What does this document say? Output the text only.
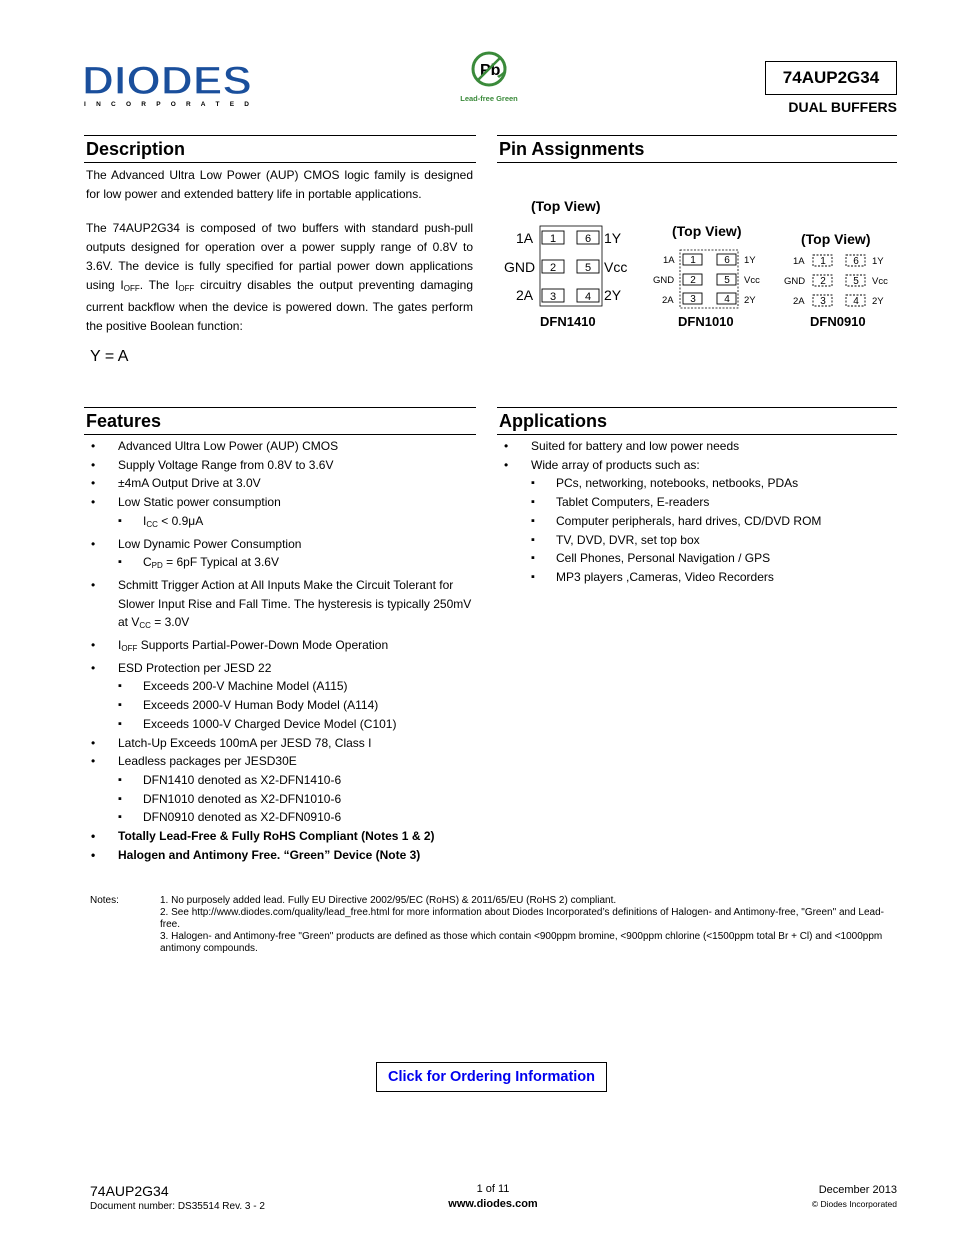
DIODES
I N C O R P O R A T E D
Pb
Lead-free Green
74AUP2G34
DUAL BUFFERS
Description

The Advanced Ultra Low Power (AUP) CMOS logic family is designed for low power and extended battery life in portable applications.

The 74AUP2G34 is composed of two buffers with standard push-pull outputs designed for operation over a power supply range of 0.8V to 3.6V. The device is fully specified for partial power down applications using $I_{OFF}$. The $I_{OFF}$ circuitry disables the output preventing damaging current backflow when the device is powered down. The gates perform the positive Boolean function:

Y = A
Pin Assignments
(Top View)
1A
GND
2A
1Y
Vcc
2Y
1	6
2	5
3	4
DFN1410
(Top View)
1A
GND
2A
1Y
Vcc
2Y
1	6
2	5
3	4
DFN1010
(Top View)
1A
GND
2A
1Y
Vcc
2Y
1	6
2	5
3	4
DFN0910
Features
• Advanced Ultra Low Power (AUP) CMOS
• Supply Voltage Range from 0.8V to 3.6V
• ±4mA Output Drive at 3.0V
• Low Static power consumption
▪ $I_{CC} < 0.9\mu A$
• Low Dynamic Power Consumption
▪ $C_{PD} = 6pF$ Typical at 3.6V
• Schmitt Trigger Action at All Inputs Make the Circuit Tolerant for Slower Input Rise and Fall Time. The hysteresis is typically 250mV at $V_{CC} = 3.0V$
• $I_{OFF}$ Supports Partial-Power-Down Mode Operation
• ESD Protection per JESD 22
▪ Exceeds 200-V Machine Model (A115)
▪ Exceeds 2000-V Human Body Model (A114)
▪ Exceeds 1000-V Charged Device Model (C101)
• Latch-Up Exceeds 100mA per JESD 78, Class I
• Leadless packages per JESD30E
▪ DFN1410 denoted as X2-DFN1410-6
▪ DFN1010 denoted as X2-DFN1010-6
▪ DFN0910 denoted as X2-DFN0910-6
• Totally Lead-Free & Fully RoHS Compliant (Notes 1 & 2)
• Halogen and Antimony Free. “Green” Device (Note 3)
Applications
• Suited for battery and low power needs
• Wide array of products such as:
▪ PCs, networking, notebooks, netbooks, PDAs
▪ Tablet Computers, E-readers
▪ Computer peripherals, hard drives, CD/DVD ROM
▪ TV, DVD, DVR, set top box
▪ Cell Phones, Personal Navigation / GPS
▪ MP3 players ,Cameras, Video Recorders
Notes:	1. No purposely added lead. Fully EU Directive 2002/95/EC (RoHS) & 2011/65/EU (RoHS 2) compliant.
2. See http://www.diodes.com/quality/lead_free.html for more information about Diodes Incorporated’s definitions of Halogen- and Antimony-free, "Green" and Lead-free.
3. Halogen- and Antimony-free "Green" products are defined as those which contain <900ppm bromine, <900ppm chlorine (<1500ppm total Br + Cl) and <1000ppm antimony compounds.
Click for Ordering Information
74AUP2G34
Document number: DS35514 Rev. 3 - 2
1 of 11
www.diodes.com
December 2013
© Diodes Incorporated
